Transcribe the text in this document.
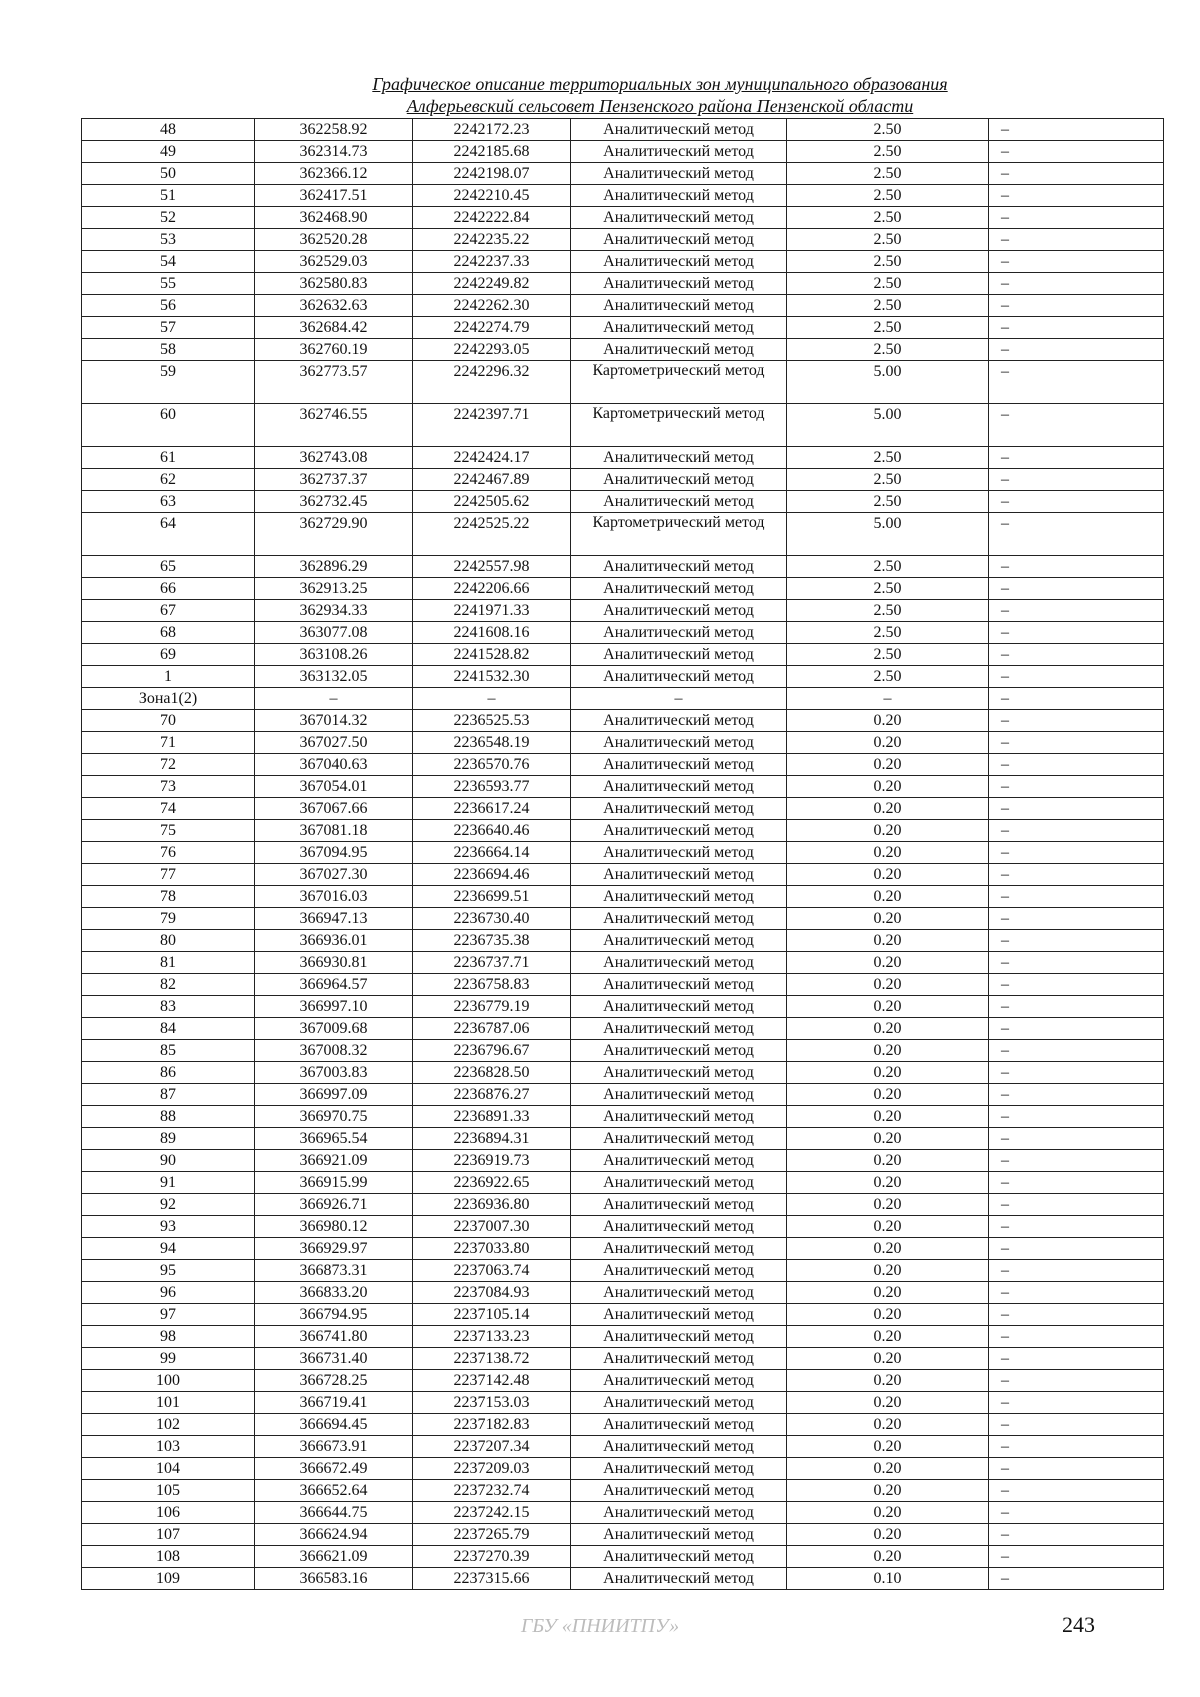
Графическое описание территориальных зон муниципального образования
Алферьевский сельсовет Пензенского района Пензенской области
48	362258.92	2242172.23	Аналитический метод	2.50	–
49	362314.73	2242185.68	Аналитический метод	2.50	–
50	362366.12	2242198.07	Аналитический метод	2.50	–
51	362417.51	2242210.45	Аналитический метод	2.50	–
52	362468.90	2242222.84	Аналитический метод	2.50	–
53	362520.28	2242235.22	Аналитический метод	2.50	–
54	362529.03	2242237.33	Аналитический метод	2.50	–
55	362580.83	2242249.82	Аналитический метод	2.50	–
56	362632.63	2242262.30	Аналитический метод	2.50	–
57	362684.42	2242274.79	Аналитический метод	2.50	–
58	362760.19	2242293.05	Аналитический метод	2.50	–
59	362773.57	2242296.32	Картометрический метод	5.00	–
60	362746.55	2242397.71	Картометрический метод	5.00	–
61	362743.08	2242424.17	Аналитический метод	2.50	–
62	362737.37	2242467.89	Аналитический метод	2.50	–
63	362732.45	2242505.62	Аналитический метод	2.50	–
64	362729.90	2242525.22	Картометрический метод	5.00	–
65	362896.29	2242557.98	Аналитический метод	2.50	–
66	362913.25	2242206.66	Аналитический метод	2.50	–
67	362934.33	2241971.33	Аналитический метод	2.50	–
68	363077.08	2241608.16	Аналитический метод	2.50	–
69	363108.26	2241528.82	Аналитический метод	2.50	–
1	363132.05	2241532.30	Аналитический метод	2.50	–
Зона1(2)	–	–	–	–	–
70	367014.32	2236525.53	Аналитический метод	0.20	–
71	367027.50	2236548.19	Аналитический метод	0.20	–
72	367040.63	2236570.76	Аналитический метод	0.20	–
73	367054.01	2236593.77	Аналитический метод	0.20	–
74	367067.66	2236617.24	Аналитический метод	0.20	–
75	367081.18	2236640.46	Аналитический метод	0.20	–
76	367094.95	2236664.14	Аналитический метод	0.20	–
77	367027.30	2236694.46	Аналитический метод	0.20	–
78	367016.03	2236699.51	Аналитический метод	0.20	–
79	366947.13	2236730.40	Аналитический метод	0.20	–
80	366936.01	2236735.38	Аналитический метод	0.20	–
81	366930.81	2236737.71	Аналитический метод	0.20	–
82	366964.57	2236758.83	Аналитический метод	0.20	–
83	366997.10	2236779.19	Аналитический метод	0.20	–
84	367009.68	2236787.06	Аналитический метод	0.20	–
85	367008.32	2236796.67	Аналитический метод	0.20	–
86	367003.83	2236828.50	Аналитический метод	0.20	–
87	366997.09	2236876.27	Аналитический метод	0.20	–
88	366970.75	2236891.33	Аналитический метод	0.20	–
89	366965.54	2236894.31	Аналитический метод	0.20	–
90	366921.09	2236919.73	Аналитический метод	0.20	–
91	366915.99	2236922.65	Аналитический метод	0.20	–
92	366926.71	2236936.80	Аналитический метод	0.20	–
93	366980.12	2237007.30	Аналитический метод	0.20	–
94	366929.97	2237033.80	Аналитический метод	0.20	–
95	366873.31	2237063.74	Аналитический метод	0.20	–
96	366833.20	2237084.93	Аналитический метод	0.20	–
97	366794.95	2237105.14	Аналитический метод	0.20	–
98	366741.80	2237133.23	Аналитический метод	0.20	–
99	366731.40	2237138.72	Аналитический метод	0.20	–
100	366728.25	2237142.48	Аналитический метод	0.20	–
101	366719.41	2237153.03	Аналитический метод	0.20	–
102	366694.45	2237182.83	Аналитический метод	0.20	–
103	366673.91	2237207.34	Аналитический метод	0.20	–
104	366672.49	2237209.03	Аналитический метод	0.20	–
105	366652.64	2237232.74	Аналитический метод	0.20	–
106	366644.75	2237242.15	Аналитический метод	0.20	–
107	366624.94	2237265.79	Аналитический метод	0.20	–
108	366621.09	2237270.39	Аналитический метод	0.20	–
109	366583.16	2237315.66	Аналитический метод	0.10	–
ГБУ «ПНИИТПУ»	243
